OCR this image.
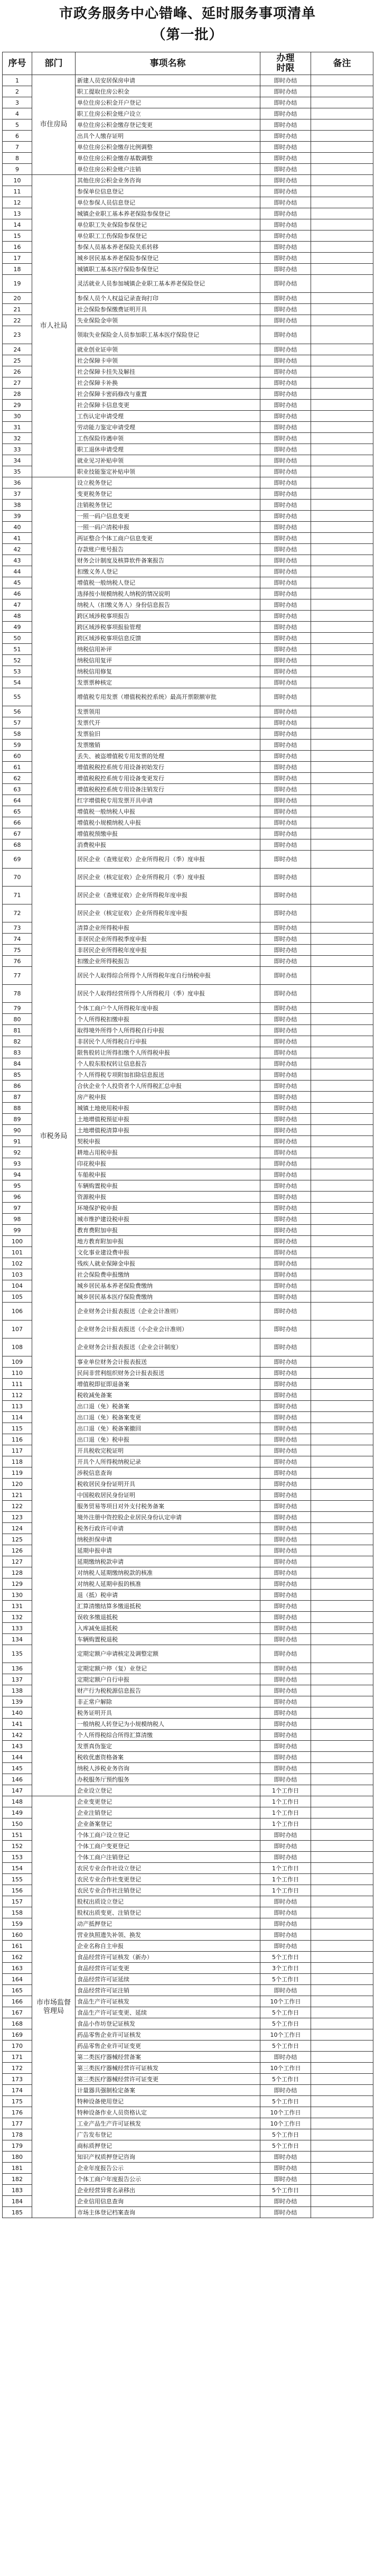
市政务服务中心错峰、延时服务事项清单
（第一批）
序号	部门	事项名称	办理
时限	备注
1	市住房局	新建人员安居保房申请	即时办结	
2		职工提取住房公积金	即时办结	
3		单位住房公积金开户登记	即时办结	
4		职工住房公积金账户设立	即时办结	
5		单位住房公积金缴存登记变更	即时办结	
6		出具个人缴存证明	即时办结	
7		单位住房公积金缴存比例调整	即时办结	
8		单位住房公积金缴存基数调整	即时办结	
9		单位住房公积金账户注销	即时办结	
10	市人社局	其他住房公积金业务咨询	即时办结	
11		参保单位信息登记	即时办结	
12		单位参保人员信息登记	即时办结	
13		城镇企业职工基本养老保险参保登记	即时办结	
14		单位职工失业保险参保登记	即时办结	
15		单位职工工伤保险参保登记	即时办结	
16		参保人员基本养老保险关系转移	即时办结	
17		城乡居民基本养老保险参保登记	即时办结	
18		城镇职工基本医疗保险参保登记	即时办结	
19		灵活就业人员参加城镇企业职工基本养老保险登记	即时办结	
20		参保人员个人权益记录查询打印	即时办结	
21		社会保险参保缴费证明开具	即时办结	
22		失业保险金申领	即时办结	
23		领取失业保险金人员参加职工基本医疗保险登记	即时办结	
24		就业创业证申领	即时办结	
25		社会保障卡申领	即时办结	
26		社会保障卡挂失及解挂	即时办结	
27		社会保障卡补换	即时办结	
28		社会保障卡密码修改与重置	即时办结	
29		社会保障卡信息变更	即时办结	
30		工伤认定申请受理	即时办结	
31		劳动能力鉴定申请受理	即时办结	
32		工伤保险待遇申领	即时办结	
33		职工退休申请受理	即时办结	
34		就业见习补贴申领	即时办结	
35		职业技能鉴定补贴申领	即时办结	
36	市税务局	设立税务登记	即时办结	
37		变更税务登记	即时办结	
38		注销税务登记	即时办结	
39		一照一码户信息变更	即时办结	
40		一照一码户清税申报	即时办结	
41		两证整合个体工商户信息变更	即时办结	
42		存款账户账号报告	即时办结	
43		财务会计制度及核算软件备案报告	即时办结	
44		扣缴义务人登记	即时办结	
45		增值税一般纳税人登记	即时办结	
46		选择按小规模纳税人纳税的情况说明	即时办结	
47		纳税人（扣缴义务人）身份信息报告	即时办结	
48		跨区域涉税事项报告	即时办结	
49		跨区域涉税事项报验管理	即时办结	
50		跨区域涉税事项信息反馈	即时办结	
51		纳税信用补评	即时办结	
52		纳税信用复评	即时办结	
53		纳税信用修复	即时办结	
54		发票票种核定	即时办结	
55		增值税专用发票（增值税税控系统）最高开票限额审批	即时办结	
56		发票领用	即时办结	
57		发票代开	即时办结	
58		发票验旧	即时办结	
59		发票缴销	即时办结	
60		丢失、被盗增值税专用发票的处理	即时办结	
61		增值税税控系统专用设备初始发行	即时办结	
62		增值税税控系统专用设备变更发行	即时办结	
63		增值税税控系统专用设备注销发行	即时办结	
64		红字增值税专用发票开具申请	即时办结	
65		增值税一般纳税人申报	即时办结	
66		增值税小规模纳税人申报	即时办结	
67		增值税预缴申报	即时办结	
68		消费税申报	即时办结	
69		居民企业（查账征收）企业所得税月（季）度申报	即时办结	
70		居民企业（核定征收）企业所得税月（季）度申报	即时办结	
71		居民企业（查账征收）企业所得税年度申报	即时办结	
72		居民企业（核定征收）企业所得税年度申报	即时办结	
73		清算企业所得税申报	即时办结	
74		非居民企业所得税季度申报	即时办结	
75		非居民企业所得税年度申报	即时办结	
76		扣缴企业所得税报告	即时办结	
77		居民个人取得综合所得个人所得税年度自行纳税申报	即时办结	
78		居民个人取得经营所得个人所得税月（季）度申报	即时办结	
79		个体工商户个人所得税年度申报	即时办结	
80		个人所得税扣缴申报	即时办结	
81		取得境外所得个人所得税自行申报	即时办结	
82		非居民个人所得税自行申报	即时办结	
83		限售股转让所得扣缴个人所得税申报	即时办结	
84		个人股东股权转让信息报告	即时办结	
85		个人所得税专项附加扣除信息报送	即时办结	
86		合伙企业个人投资者个人所得税汇总申报	即时办结	
87		房产税申报	即时办结	
88		城镇土地使用税申报	即时办结	
89		土地增值税预征申报	即时办结	
90		土地增值税清算申报	即时办结	
91		契税申报	即时办结	
92		耕地占用税申报	即时办结	
93		印花税申报	即时办结	
94		车船税申报	即时办结	
95		车辆购置税申报	即时办结	
96		资源税申报	即时办结	
97		环境保护税申报	即时办结	
98		城市维护建设税申报	即时办结	
99		教育费附加申报	即时办结	
100		地方教育附加申报	即时办结	
101		文化事业建设费申报	即时办结	
102		残疾人就业保障金申报	即时办结	
103		社会保险费申报缴纳	即时办结	
104		城乡居民基本养老保险费缴纳	即时办结	
105		城乡居民基本医疗保险费缴纳	即时办结	
106		企业财务会计报表报送（企业会计准则）	即时办结	
107		企业财务会计报表报送（小企业会计准则）	即时办结	
108		企业财务会计报表报送（企业会计制度）	即时办结	
109		事业单位财务会计报表报送	即时办结	
110		民间非营利组织财务会计报表报送	即时办结	
111		增值税即征即退备案	即时办结	
112		税收减免备案	即时办结	
113		出口退（免）税备案	即时办结	
114		出口退（免）税备案变更	即时办结	
115		出口退（免）税备案撤回	即时办结	
116		出口退（免）税申报	即时办结	
117		开具税收完税证明	即时办结	
118		开具个人所得税纳税记录	即时办结	
119		涉税信息查询	即时办结	
120		税收居民身份证明开具	即时办结	
121		中国税收居民身份证明	即时办结	
122		服务贸易等项目对外支付税务备案	即时办结	
123		境外注册中资控股企业居民身份认定申请	即时办结	
124		税务行政许可申请	即时办结	
125		纳税担保申请	即时办结	
126		延期申报申请	即时办结	
127		延期缴纳税款申请	即时办结	
128		对纳税人延期缴纳税款的核准	即时办结	
129		对纳税人延期申报的核准	即时办结	
130		退（抵）税申请	即时办结	
131		汇算清缴结算多缴退抵税	即时办结	
132		误收多缴退抵税	即时办结	
133		入库减免退抵税	即时办结	
134		车辆购置税退税	即时办结	
135		定期定额户申请核定及调整定额	即时办结	
136		定期定额户停（复）业登记	即时办结	
137		定期定额户自行申报	即时办结	
138		财产行为税税源信息报告	即时办结	
139		非正常户解除	即时办结	
140		税务证明开具	即时办结	
141		一般纳税人转登记为小规模纳税人	即时办结	
142		个人所得税综合所得汇算清缴	即时办结	
143		发票真伪鉴定	即时办结	
144		税收优惠资格备案	即时办结	
145		纳税人涉税业务咨询	即时办结	
146		办税服务厅预约服务	即时办结	
147		企业设立登记	1个工作日	
148	市市场监督管理局	企业变更登记	1个工作日	
149		企业注销登记	1个工作日	
150		企业备案登记	1个工作日	
151		个体工商户设立登记	即时办结	
152		个体工商户变更登记	即时办结	
153		个体工商户注销登记	即时办结	
154		农民专业合作社设立登记	1个工作日	
155		农民专业合作社变更登记	1个工作日	
156		农民专业合作社注销登记	1个工作日	
157		股权出质设立登记	即时办结	
158		股权出质变更、注销登记	即时办结	
159		动产抵押登记	即时办结	
160		营业执照遗失补领、换发	即时办结	
161		企业名称自主申报	即时办结	
162		食品经营许可证核发（新办）	5个工作日	
163		食品经营许可证变更	3个工作日	
164		食品经营许可证延续	5个工作日	
165		食品经营许可证注销	即时办结	
166		食品生产许可证核发	10个工作日	
167		食品生产许可证变更、延续	5个工作日	
168		食品小作坊登记证核发	5个工作日	
169		药品零售企业许可证核发	10个工作日	
170		药品零售企业许可证变更	5个工作日	
171		第二类医疗器械经营备案	即时办结	
172		第三类医疗器械经营许可证核发	10个工作日	
173		第三类医疗器械经营许可证变更	5个工作日	
174		计量器具强制检定备案	即时办结	
175		特种设备使用登记	5个工作日	
176		特种设备作业人员资格认定	10个工作日	
177		工业产品生产许可证核发	10个工作日	
178		广告发布登记	5个工作日	
179		商标质押登记	5个工作日	
180		知识产权质押登记咨询	即时办结	
181		企业年度报告公示	即时办结	
182		个体工商户年度报告公示	即时办结	
183		企业经营异常名录移出	5个工作日	
184		企业信用信息查询	即时办结	
185		市场主体登记档案查询	即时办结	
